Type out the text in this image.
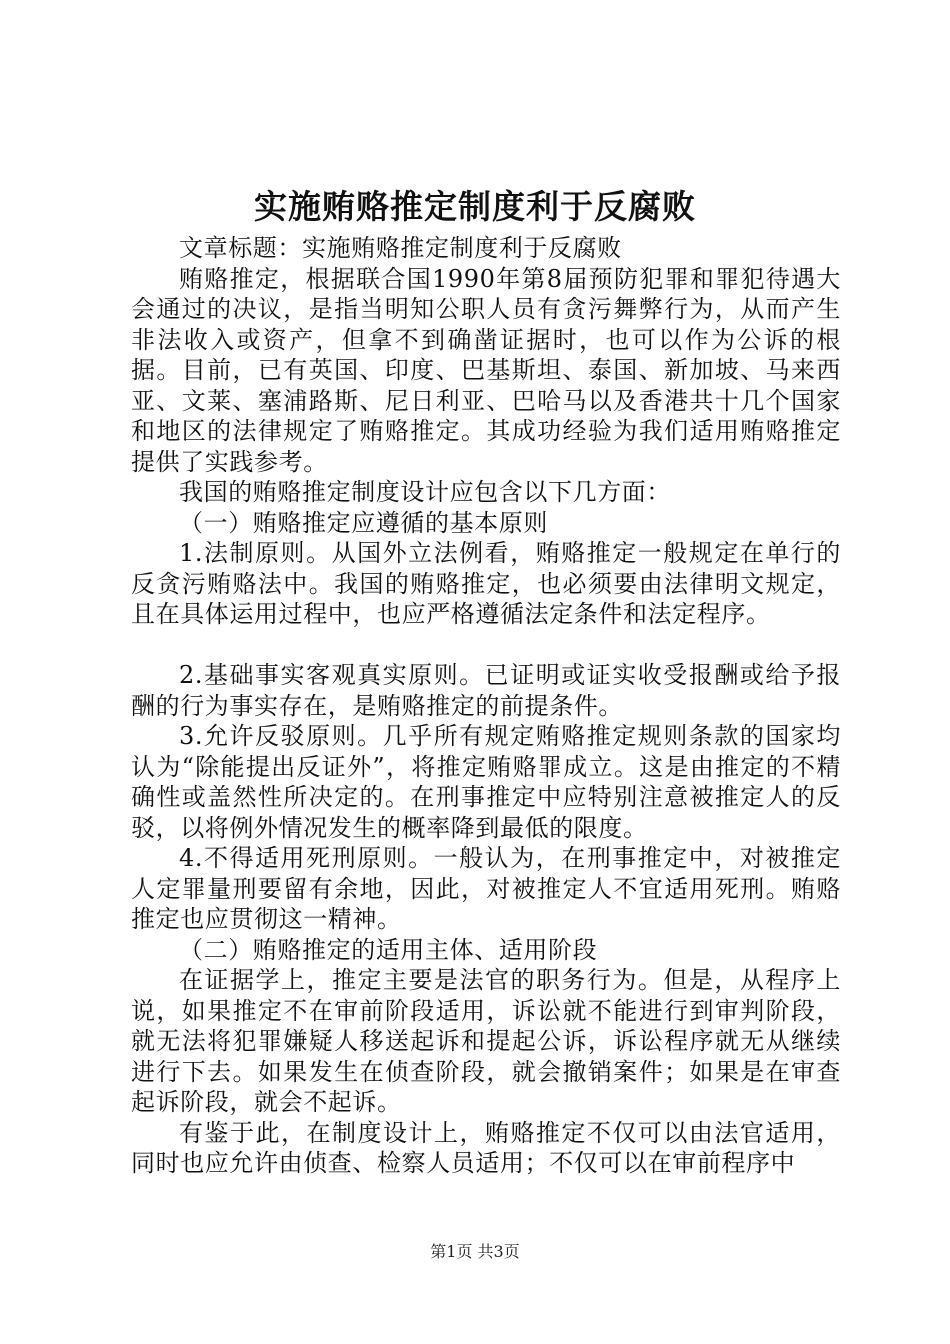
实施贿赂推定制度利于反腐败

文章标题：实施贿赂推定制度利于反腐败

贿赂推定，根据联合国1990年第8届预防犯罪和罪犯待遇大会通过的决议，是指当明知公职人员有贪污舞弊行为，从而产生非法收入或资产，但拿不到确凿证据时，也可以作为公诉的根据。目前，已有英国、印度、巴基斯坦、泰国、新加坡、马来西亚、文莱、塞浦路斯、尼日利亚、巴哈马以及香港共十几个国家和地区的法律规定了贿赂推定。其成功经验为我们适用贿赂推定提供了实践参考。

我国的贿赂推定制度设计应包含以下几方面：

（一）贿赂推定应遵循的基本原则

1.法制原则。从国外立法例看，贿赂推定一般规定在单行的反贪污贿赂法中。我国的贿赂推定，也必须要由法律明文规定，且在具体运用过程中，也应严格遵循法定条件和法定程序。

2.基础事实客观真实原则。已证明或证实收受报酬或给予报酬的行为事实存在，是贿赂推定的前提条件。

3.允许反驳原则。几乎所有规定贿赂推定规则条款的国家均认为“除能提出反证外”，将推定贿赂罪成立。这是由推定的不精确性或盖然性所决定的。在刑事推定中应特别注意被推定人的反驳，以将例外情况发生的概率降到最低的限度。

4.不得适用死刑原则。一般认为，在刑事推定中，对被推定人定罪量刑要留有余地，因此，对被推定人不宜适用死刑。贿赂推定也应贯彻这一精神。

（二）贿赂推定的适用主体、适用阶段

在证据学上，推定主要是法官的职务行为。但是，从程序上说，如果推定不在审前阶段适用，诉讼就不能进行到审判阶段，就无法将犯罪嫌疑人移送起诉和提起公诉，诉讼程序就无从继续进行下去。如果发生在侦查阶段，就会撤销案件；如果是在审查起诉阶段，就会不起诉。

有鉴于此，在制度设计上，贿赂推定不仅可以由法官适用，同时也应允许由侦查、检察人员适用；不仅可以在审前程序中

第1页 共3页
